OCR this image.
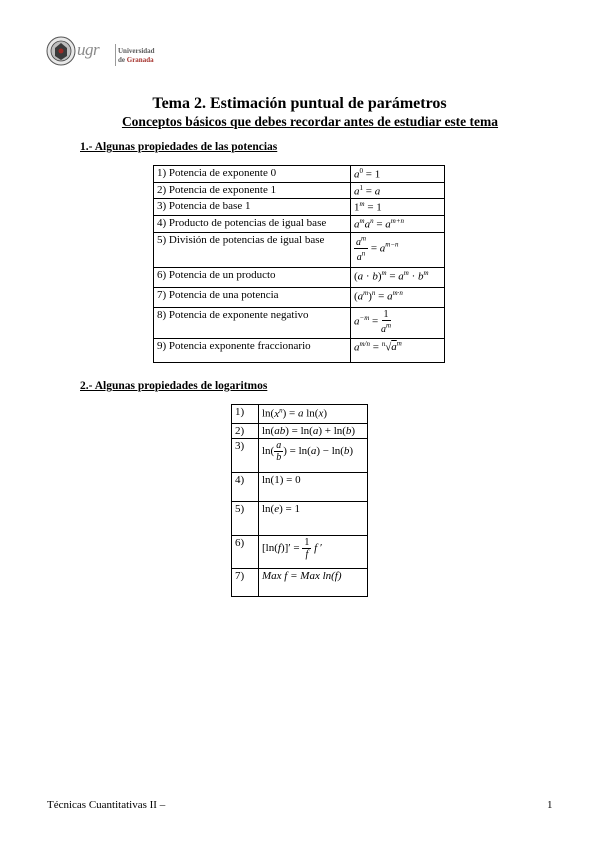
ugr	Universidad
de Granada
Tema 2. Estimación puntual de parámetros
Conceptos básicos que debes recordar antes de estudiar este tema
1.- Algunas propiedades de las potencias
1) Potencia de exponente 0	$a^0 = 1$
2) Potencia de exponente 1	$a^1 = a$
3) Potencia de base 1	$1^m = 1$
4) Producto de potencias de igual base	$a^ma^n = a^{m+n}$
5) División de potencias de igual base	$\frac{a^m}{a^n} = a^{m-n}$
6) Potencia de un producto	$(a \cdot b)^m = a^m \cdot b^m$
7) Potencia de una potencia	$(a^m)^n = a^{m\cdot n}$
8) Potencia de exponente negativo	$a^{-m} = \frac{1}{a^m}$

9) Potencia exponente fraccionario	$a^{m/n} = ^n√a^m$
2.- Algunas propiedades de logaritmos
1)	$\ln(x^n) = a$ ln(x)
2)	ln(ab) = ln(a) + ln(b)
3)	$\ln( \frac{a}{b}$ ) = ln(a) − ln(b)
4)	ln(1) = 0
5)	ln(e) = 1
6)	$[\ln(f)]' = \frac{1}{f}$ f ′
7)	Max f = Max ln(f)
Técnicas Cuantitativas II –	1
